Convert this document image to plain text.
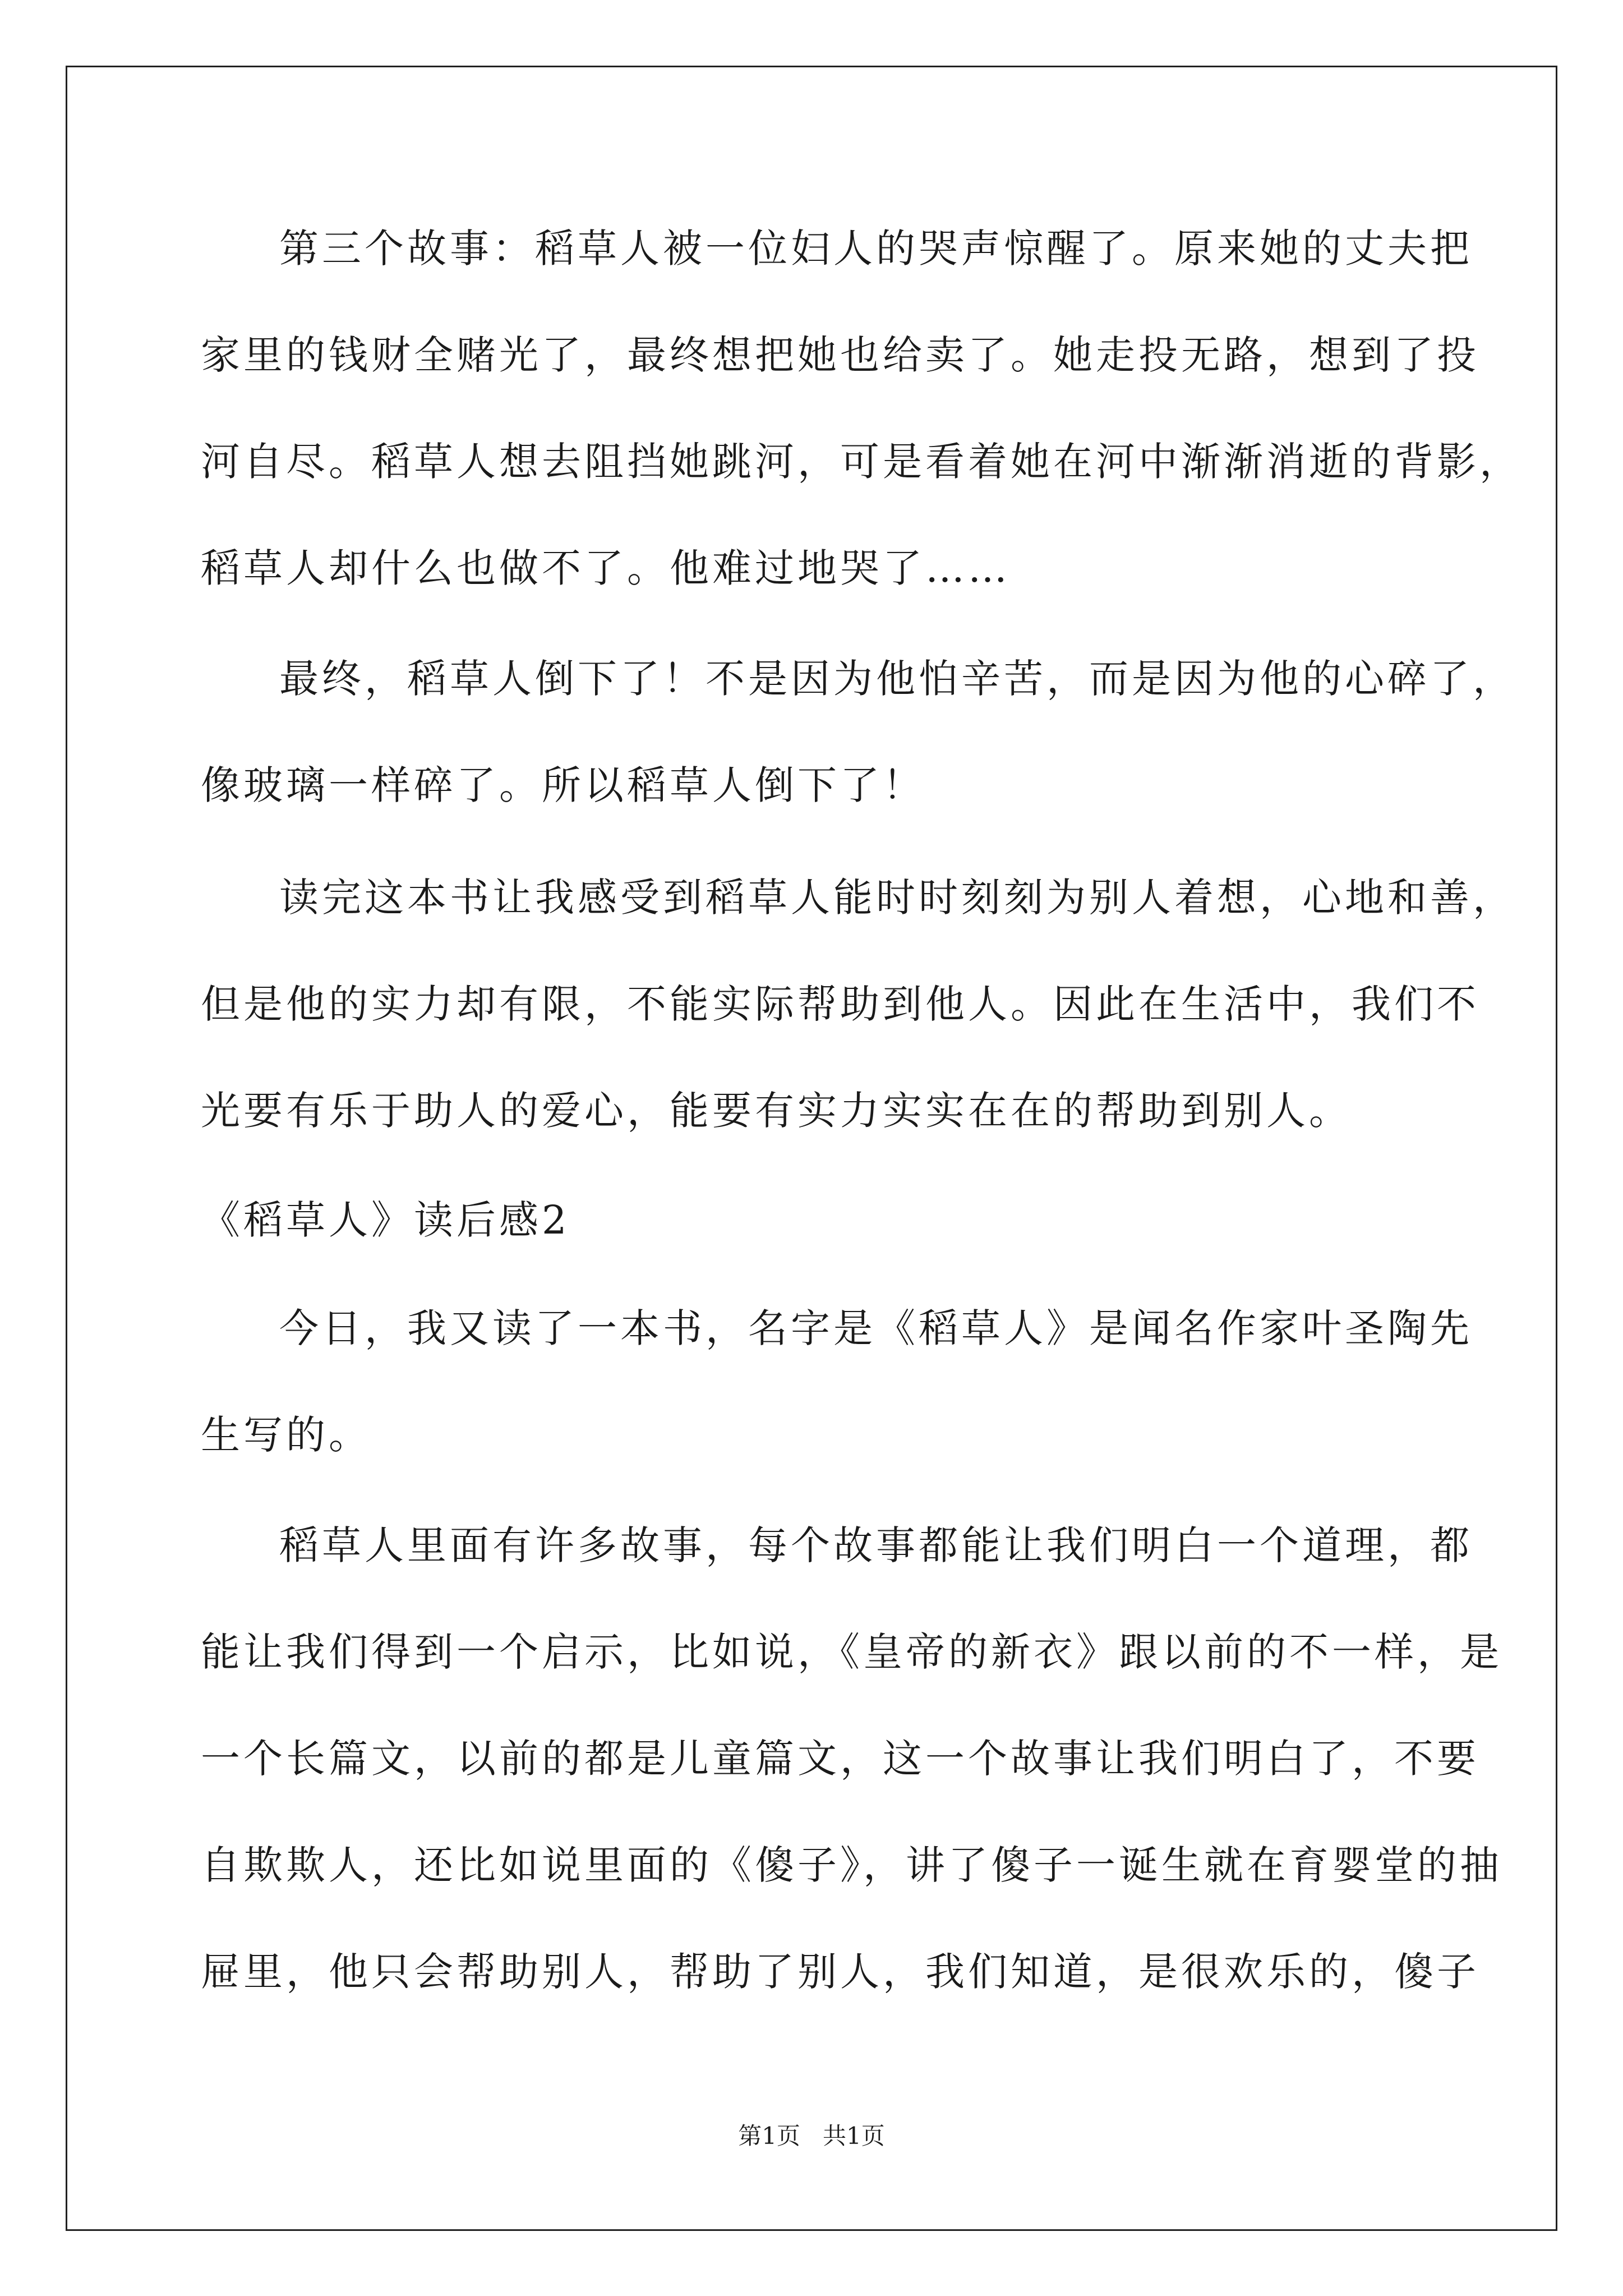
第三个故事：稻草人被一位妇人的哭声惊醒了。原来她的丈夫把
家里的钱财全赌光了，最终想把她也给卖了。她走投无路，想到了投
河自尽。稻草人想去阻挡她跳河，可是看着她在河中渐渐消逝的背影，
稻草人却什么也做不了。他难过地哭了……
最终，稻草人倒下了！不是因为他怕辛苦，而是因为他的心碎了，
像玻璃一样碎了。所以稻草人倒下了！
读完这本书让我感受到稻草人能时时刻刻为别人着想，心地和善，
但是他的实力却有限，不能实际帮助到他人。因此在生活中，我们不
光要有乐于助人的爱心，能要有实力实实在在的帮助到别人。
《稻草人》读后感2
今日，我又读了一本书，名字是《稻草人》是闻名作家叶圣陶先
生写的。
稻草人里面有许多故事，每个故事都能让我们明白一个道理，都
能让我们得到一个启示，比如说，《皇帝的新衣》跟以前的不一样，是
一个长篇文，以前的都是儿童篇文，这一个故事让我们明白了，不要
自欺欺人，还比如说里面的《傻子》，讲了傻子一诞生就在育婴堂的抽
屉里，他只会帮助别人，帮助了别人，我们知道，是很欢乐的，傻子
第1页   共1页
